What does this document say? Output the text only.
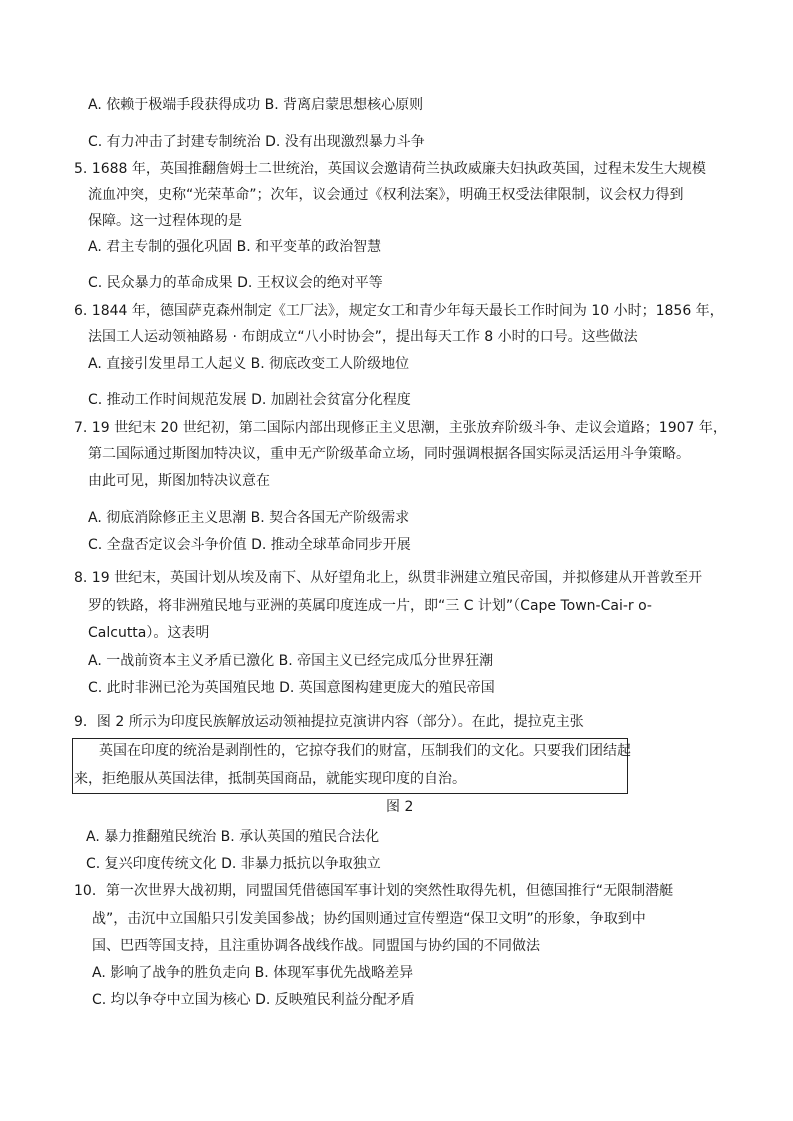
A. 依赖于极端手段获得成功 B. 背离启蒙思想核心原则
C. 有力冲击了封建专制统治 D. 没有出现激烈暴力斗争
5. 1688 年，英国推翻詹姆士二世统治，英国议会邀请荷兰执政威廉夫妇执政英国，过程未发生大规模
流血冲突，史称“光荣革命”；次年，议会通过《权利法案》，明确王权受法律限制，议会权力得到
保障。这一过程体现的是
A. 君主专制的强化巩固 B. 和平变革的政治智慧
C. 民众暴力的革命成果 D. 王权议会的绝对平等
6. 1844 年，德国萨克森州制定《工厂法》，规定女工和青少年每天最长工作时间为 10 小时；1856 年，
法国工人运动领袖路易 · 布朗成立“八小时协会”，提出每天工作 8 小时的口号。这些做法
A. 直接引发里昂工人起义 B. 彻底改变工人阶级地位
C. 推动工作时间规范发展 D. 加剧社会贫富分化程度
7. 19 世纪末 20 世纪初，第二国际内部出现修正主义思潮，主张放弃阶级斗争、走议会道路；1907 年，
第二国际通过斯图加特决议，重申无产阶级革命立场，同时强调根据各国实际灵活运用斗争策略。
由此可见，斯图加特决议意在
A. 彻底消除修正主义思潮 B. 契合各国无产阶级需求
C. 全盘否定议会斗争价值 D. 推动全球革命同步开展
8. 19 世纪末，英国计划从埃及南下、从好望角北上，纵贯非洲建立殖民帝国，并拟修建从开普敦至开
罗的铁路，将非洲殖民地与亚洲的英属印度连成一片，即“三 C 计划”（Cape Town-Cai-r o-
Calcutta）。这表明
A. 一战前资本主义矛盾已激化 B. 帝国主义已经完成瓜分世界狂潮
C. 此时非洲已沦为英国殖民地 D. 英国意图构建更庞大的殖民帝国
9．图 2 所示为印度民族解放运动领袖提拉克演讲内容（部分）。在此，提拉克主张
英国在印度的统治是剥削性的，它掠夺我们的财富，压制我们的文化。只要我们团结起
来，拒绝服从英国法律，抵制英国商品，就能实现印度的自治。
图 2
A. 暴力推翻殖民统治 B. 承认英国的殖民合法化
C. 复兴印度传统文化 D. 非暴力抵抗以争取独立
10．第一次世界大战初期，同盟国凭借德国军事计划的突然性取得先机，但德国推行“无限制潜艇
战”，击沉中立国船只引发美国参战；协约国则通过宣传塑造“保卫文明”的形象，争取到中
国、巴西等国支持，且注重协调各战线作战。同盟国与协约国的不同做法
A. 影响了战争的胜负走向 B. 体现军事优先战略差异
C. 均以争夺中立国为核心 D. 反映殖民利益分配矛盾
